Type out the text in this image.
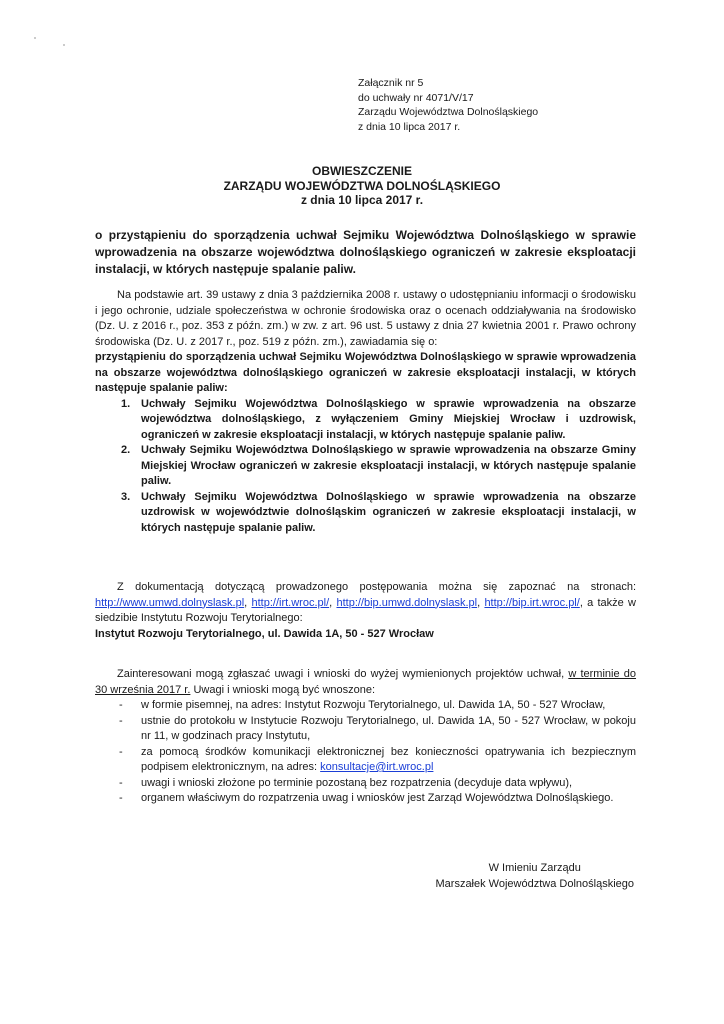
Załącznik nr 5
do uchwały nr 4071/V/17
Zarządu Województwa Dolnośląskiego
z dnia 10 lipca 2017 r.
OBWIESZCZENIE
ZARZĄDU WOJEWÓDZTWA DOLNOŚLĄSKIEGO
z dnia 10 lipca 2017 r.
o przystąpieniu do sporządzenia uchwał Sejmiku Województwa Dolnośląskiego w sprawie wprowadzenia na obszarze województwa dolnośląskiego ograniczeń w zakresie eksploatacji instalacji, w których następuje spalanie paliw.
Na podstawie art. 39 ustawy z dnia 3 października 2008 r. ustawy o udostępnianiu informacji o środowisku i jego ochronie, udziale społeczeństwa w ochronie środowiska oraz o ocenach oddziaływania na środowisko (Dz. U. z 2016 r., poz. 353 z późn. zm.) w zw. z art. 96 ust. 5 ustawy z dnia 27 kwietnia 2001 r. Prawo ochrony środowiska (Dz. U. z 2017 r., poz. 519 z późn. zm.), zawiadamia się o:
przystąpieniu do sporządzenia uchwał Sejmiku Województwa Dolnośląskiego w sprawie wprowadzenia na obszarze województwa dolnośląskiego ograniczeń w zakresie eksploatacji instalacji, w których następuje spalanie paliw:
1. Uchwały Sejmiku Województwa Dolnośląskiego w sprawie wprowadzenia na obszarze województwa dolnośląskiego, z wyłączeniem Gminy Miejskiej Wrocław i uzdrowisk, ograniczeń w zakresie eksploatacji instalacji, w których następuje spalanie paliw.
2. Uchwały Sejmiku Województwa Dolnośląskiego w sprawie wprowadzenia na obszarze Gminy Miejskiej Wrocław ograniczeń w zakresie eksploatacji instalacji, w których następuje spalanie paliw.
3. Uchwały Sejmiku Województwa Dolnośląskiego w sprawie wprowadzenia na obszarze uzdrowisk w województwie dolnośląskim ograniczeń w zakresie eksploatacji instalacji, w których następuje spalanie paliw.
Z dokumentacją dotyczącą prowadzonego postępowania można się zapoznać na stronach: http://www.umwd.dolnyslask.pl, http://irt.wroc.pl/, http://bip.umwd.dolnyslask.pl, http://bip.irt.wroc.pl/, a także w siedzibie Instytutu Rozwoju Terytorialnego:
Instytut Rozwoju Terytorialnego, ul. Dawida 1A, 50 - 527 Wrocław
Zainteresowani mogą zgłaszać uwagi i wnioski do wyżej wymienionych projektów uchwał, w terminie do 30 września 2017 r. Uwagi i wnioski mogą być wnoszone:
- w formie pisemnej, na adres: Instytut Rozwoju Terytorialnego, ul. Dawida 1A, 50 - 527 Wrocław,
- ustnie do protokołu w Instytucie Rozwoju Terytorialnego, ul. Dawida 1A, 50 - 527 Wrocław, w pokoju nr 11, w godzinach pracy Instytutu,
- za pomocą środków komunikacji elektronicznej bez konieczności opatrywania ich bezpiecznym podpisem elektronicznym, na adres: konsultacje@irt.wroc.pl
- uwagi i wnioski złożone po terminie pozostaną bez rozpatrzenia (decyduje data wpływu),
- organem właściwym do rozpatrzenia uwag i wniosków jest Zarząd Województwa Dolnośląskiego.
W Imieniu Zarządu
Marszałek Województwa Dolnośląskiego
